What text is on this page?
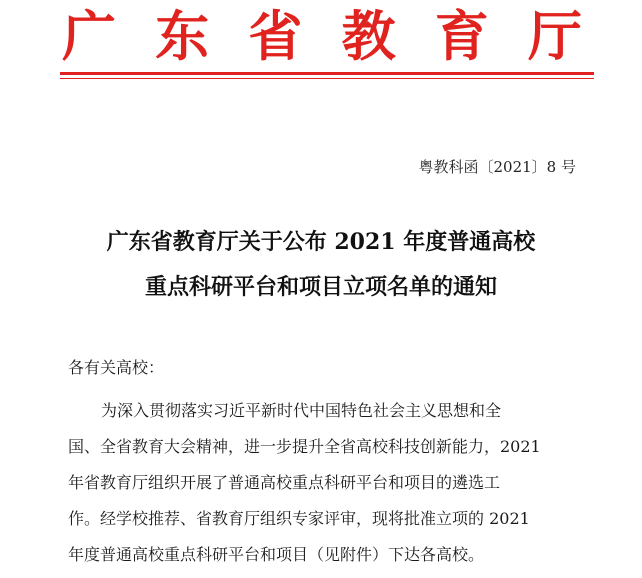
广 东 省 教 育 厅
粤教科函〔2021〕8 号
广东省教育厅关于公布 2021 年度普通高校
重点科研平台和项目立项名单的通知
各有关高校：
为深入贯彻落实习近平新时代中国特色社会主义思想和全
国、全省教育大会精神，进一步提升全省高校科技创新能力，2021
年省教育厅组织开展了普通高校重点科研平台和项目的遴选工
作。经学校推荐、省教育厅组织专家评审，现将批准立项的 2021
年度普通高校重点科研平台和项目（见附件）下达各高校。
